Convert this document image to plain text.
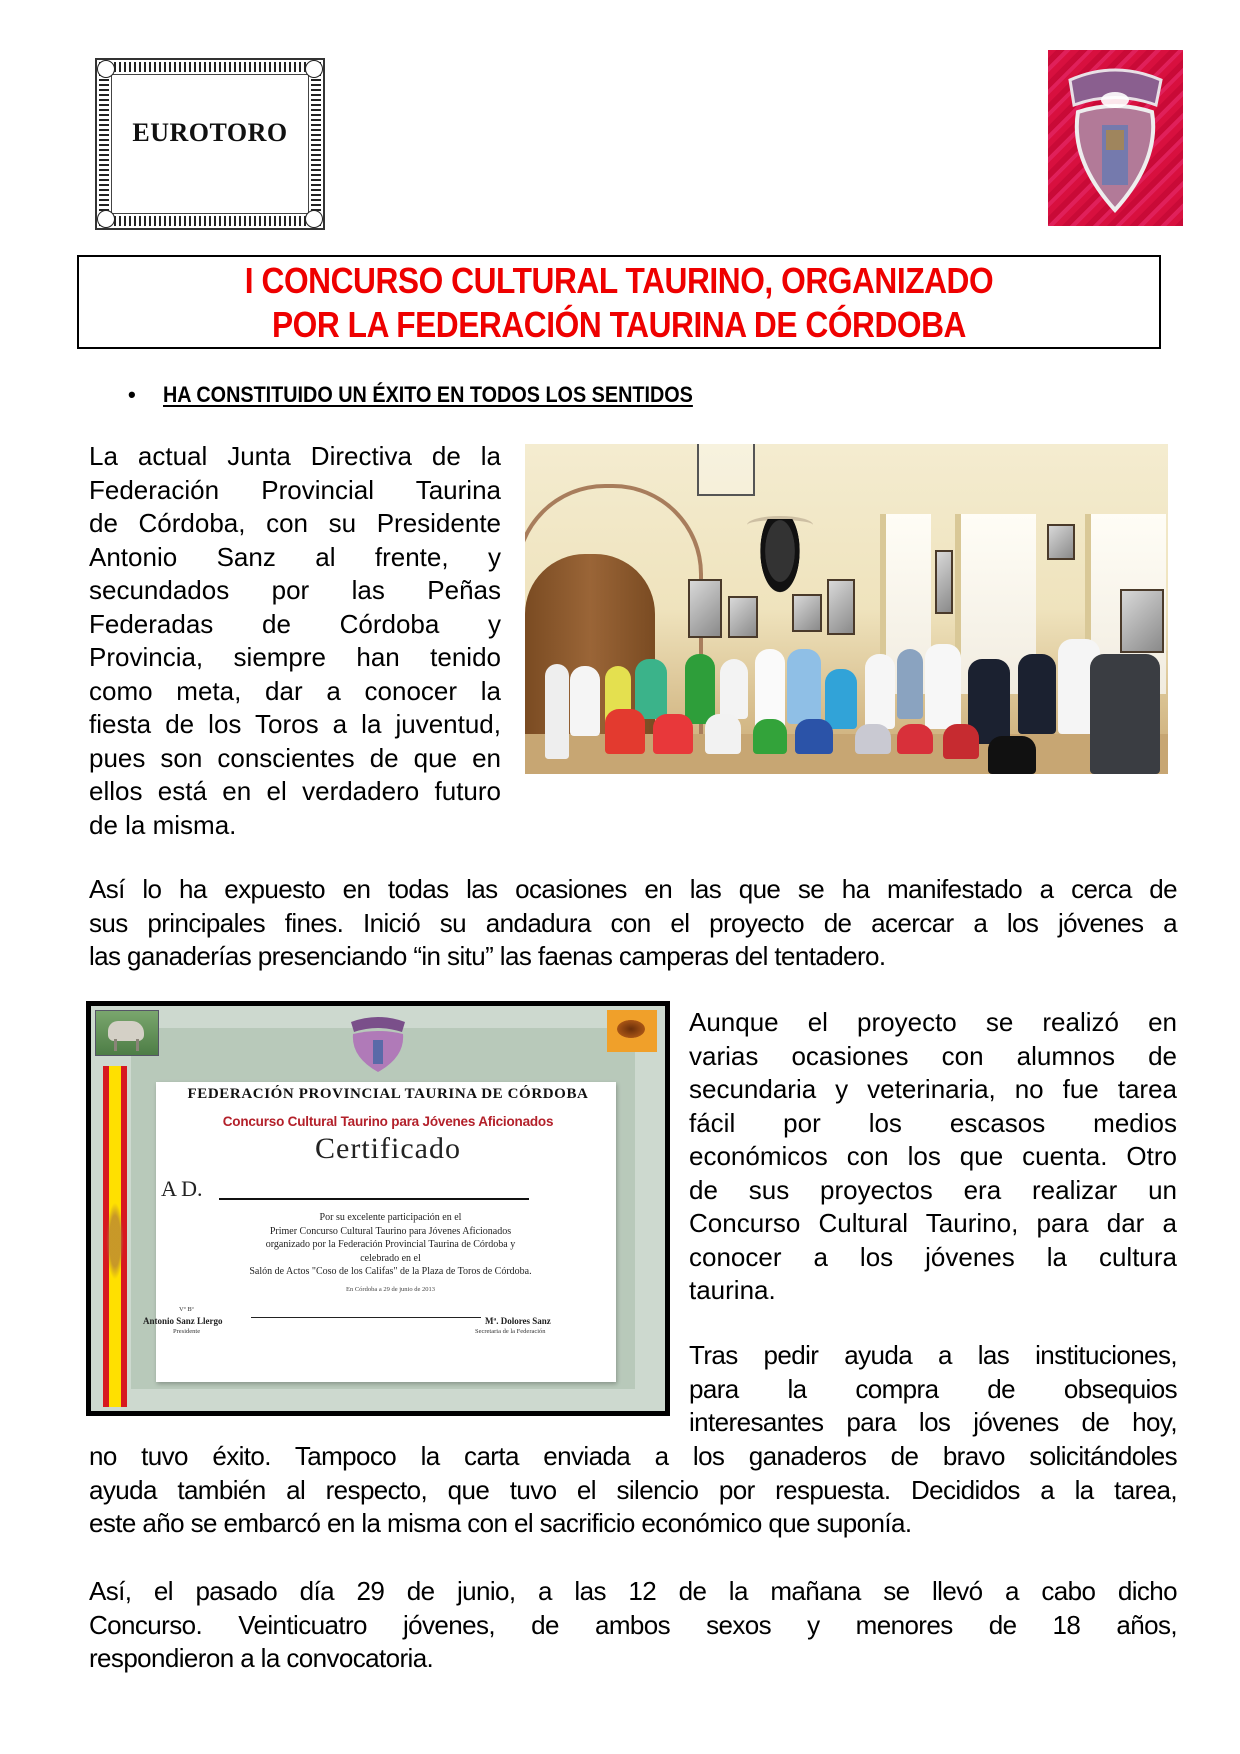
EUROTORO
I CONCURSO CULTURAL TAURINO, ORGANIZADO
POR LA FEDERACIÓN TAURINA DE CÓRDOBA
• HA CONSTITUIDO UN ÉXITO EN TODOS LOS SENTIDOS
La actual Junta Directiva de la
Federación Provincial Taurina
de Córdoba, con su Presidente
Antonio Sanz al frente, y
secundados por las Peñas
Federadas de Córdoba y
Provincia, siempre han tenido
como meta, dar a conocer la
fiesta de los Toros a la juventud,
pues son conscientes de que en
ellos está en el verdadero futuro
de la misma.
Así lo ha expuesto en todas las ocasiones en las que se ha manifestado a cerca de
sus principales fines. Inició su andadura con el proyecto de acercar a los jóvenes a
las ganaderías presenciando “in situ” las faenas camperas del tentadero.
FEDERACIÓN PROVINCIAL TAURINA DE CÓRDOBA
Concurso Cultural Taurino para Jóvenes Aficionados
Certificado
A D.
Por su excelente participación en el
Primer Concurso Cultural Taurino para Jóvenes Aficionados
organizado por la Federación Provincial Taurina de Córdoba y
celebrado en el
Salón de Actos "Coso de los Califas" de la Plaza de Toros de Córdoba.
En Córdoba a 29 de junio de 2013
Vº Bº
Antonio Sanz Llergo
Presidente
Mª. Dolores Sanz
Secretaria de la Federación
Aunque el proyecto se realizó en
varias ocasiones con alumnos de
secundaria y veterinaria, no fue tarea
fácil por los escasos medios
económicos con los que cuenta. Otro
de sus proyectos era realizar un
Concurso Cultural Taurino, para dar a
conocer a los jóvenes la cultura
taurina.
Tras pedir ayuda a las instituciones,
para la compra de obsequios
interesantes para los jóvenes de hoy,
no tuvo éxito. Tampoco la carta enviada a los ganaderos de bravo solicitándoles
ayuda también al respecto, que tuvo el silencio por respuesta. Decididos a la tarea,
este año se embarcó en la misma con el sacrificio económico que suponía.
Así, el pasado día 29 de junio, a las 12 de la mañana se llevó a cabo dicho
Concurso. Veinticuatro jóvenes, de ambos sexos y menores de 18 años,
respondieron a la convocatoria.
